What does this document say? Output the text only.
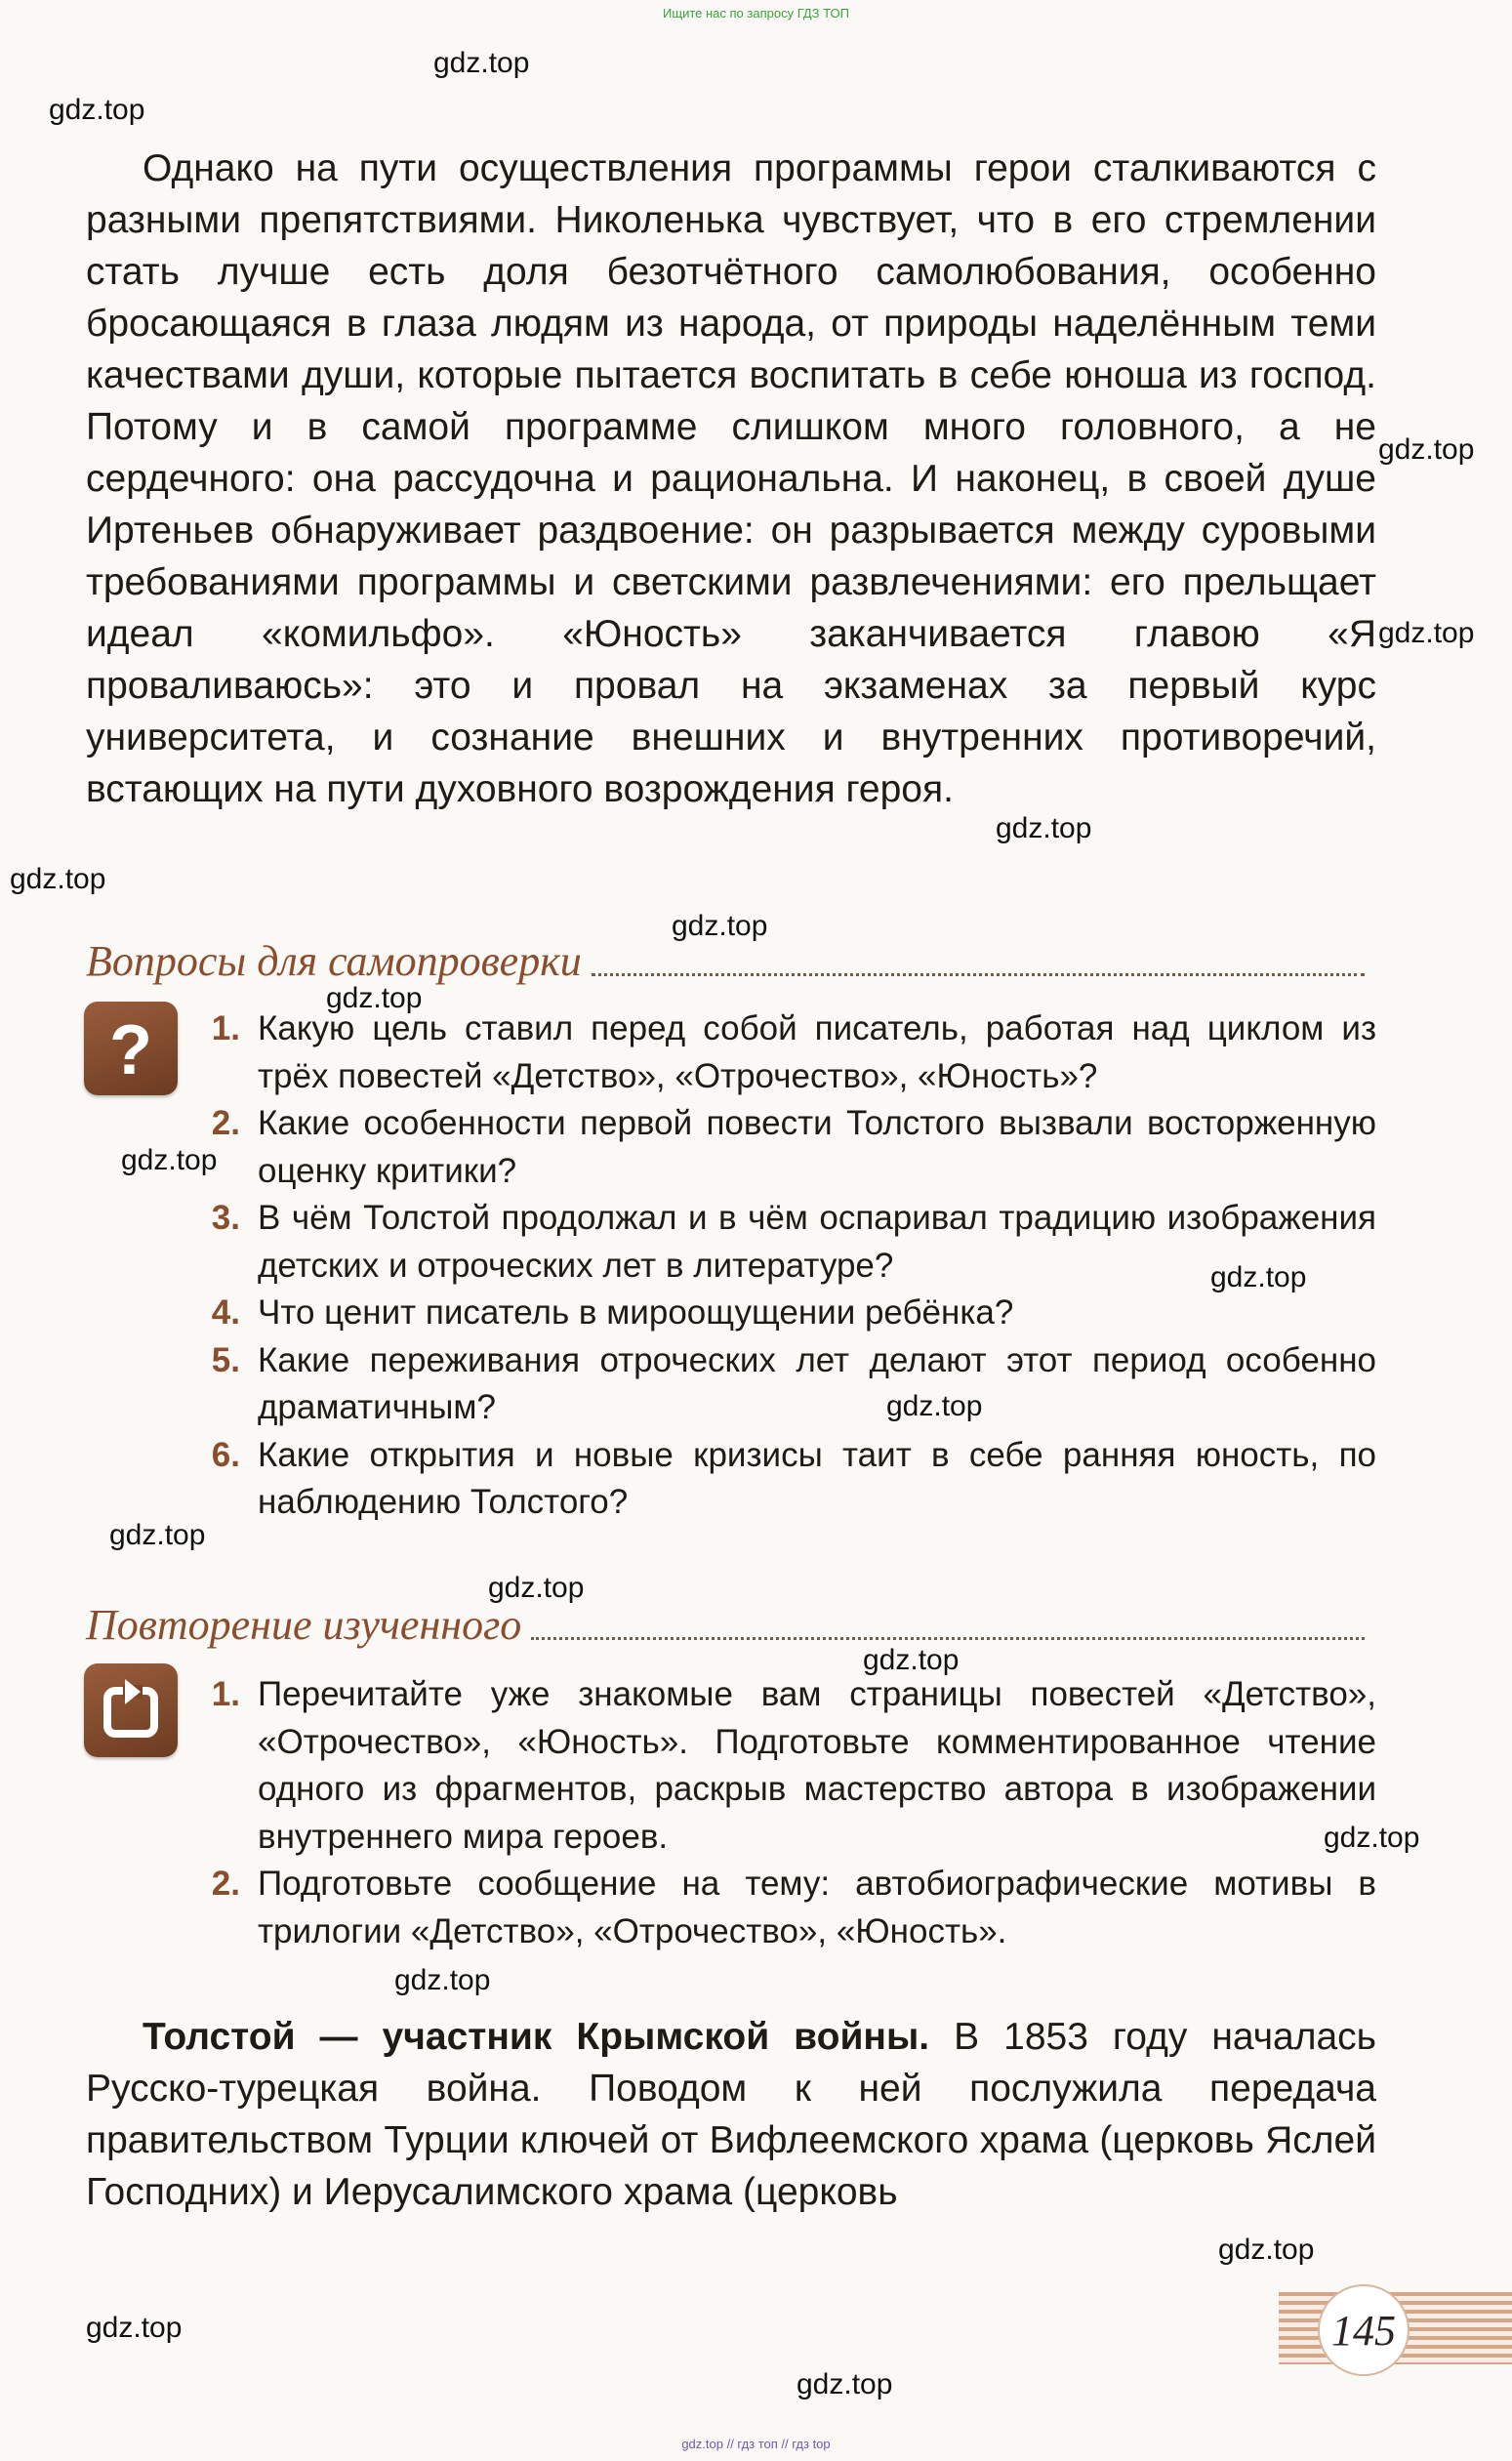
Ищите нас по запросу ГДЗ ТОП
gdz.top
gdz.top
gdz.top
gdz.top
gdz.top
gdz.top
gdz.top
gdz.top
gdz.top
gdz.top
gdz.top
gdz.top
gdz.top
gdz.top
gdz.top
gdz.top
gdz.top
gdz.top
gdz.top

Однако на пути осуществления программы герои сталкиваются с разными препятствиями. Николенька чувствует, что в его стремлении стать лучше есть доля безотчётного самолюбования, особенно бросающаяся в глаза людям из народа, от природы наделённым теми качествами души, которые пытается воспитать в себе юноша из господ. Потому и в самой программе слишком много головного, а не сердечного: она рассудочна и рациональна. И наконец, в своей душе Иртеньев обнаруживает раздвоение: он разрывается между суровыми требованиями программы и светскими развлечениями: его прельщает идеал «комильфо». «Юность» заканчивается главою «Я проваливаюсь»: это и провал на экзаменах за первый курс университета, и сознание внешних и внутренних противоречий, встающих на пути духовного возрождения героя.

Вопросы для самопроверки
?	1. Какую цель ставил перед собой писатель, работая над циклом из трёх повестей «Детство», «Отрочество», «Юность»?
2. Какие особенности первой повести Толстого вызвали восторженную оценку критики?
3. В чём Толстой продолжал и в чём оспаривал традицию изображения детских и отроческих лет в литературе?
4. Что ценит писатель в мироощущении ребёнка?
5. Какие переживания отроческих лет делают этот период особенно драматичным?
6. Какие открытия и новые кризисы таит в себе ранняя юность, по наблюдению Толстого?
Повторение изученного
1. Перечитайте уже знакомые вам страницы повестей «Детство», «Отрочество», «Юность». Подготовьте комментированное чтение одного из фрагментов, раскрыв мастерство автора в изображении внутреннего мира героев.
2. Подготовьте сообщение на тему: автобиографические мотивы в трилогии «Детство», «Отрочество», «Юность».

Толстой — участник Крымской войны. В 1853 году началась Русско-турецкая война. Поводом к ней послужила передача правительством Турции ключей от Вифлеемского храма (церковь Яслей Господних) и Иерусалимского храма (церковь

145
gdz.top // гдз топ // гдз top
